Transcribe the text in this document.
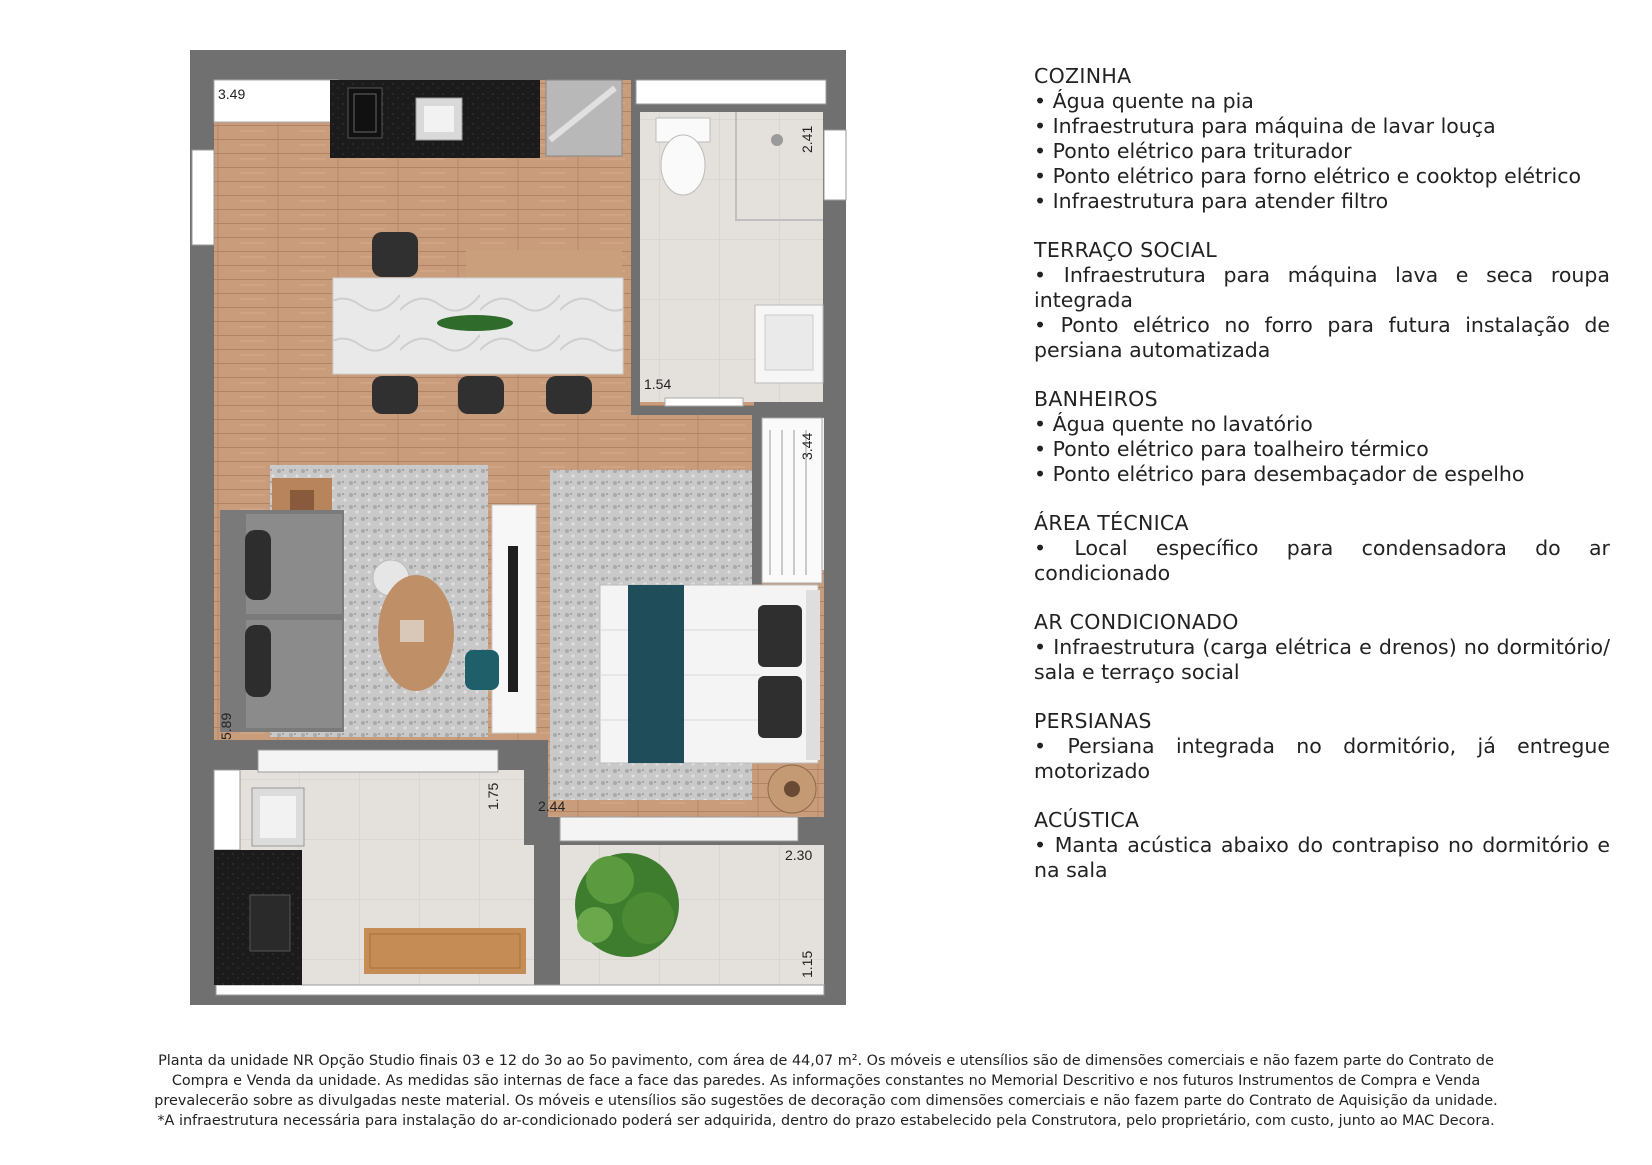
3.49
2.41
1.54
3.44
5.89
1.75	2.44
2.30
1.15
COZINHA
• Água quente na pia
• Infraestrutura para máquina de lavar louça
• Ponto elétrico para triturador
• Ponto elétrico para forno elétrico e cooktop elétrico
• Infraestrutura para atender filtro
TERRAÇO SOCIAL
• Infraestrutura para máquina lava e seca roupa integrada
• Ponto elétrico no forro para futura instalação de persiana automatizada
BANHEIROS
• Água quente no lavatório
• Ponto elétrico para toalheiro térmico
• Ponto elétrico para desembaçador de espelho
ÁREA TÉCNICA
• Local específico para condensadora do ar condicionado
AR CONDICIONADO
• Infraestrutura (carga elétrica e drenos) no dormitório/ sala e terraço social
PERSIANAS
• Persiana integrada no dormitório, já entregue motorizado
ACÚSTICA
• Manta acústica abaixo do contrapiso no dormitório e na sala

Planta da unidade NR Opção Studio finais 03 e 12 do 3o ao 5o pavimento, com área de 44,07 m². Os móveis e utensílios são de dimensões comerciais e não fazem parte do Contrato de

Compra e Venda da unidade. As medidas são internas de face a face das paredes. As informações constantes no Memorial Descritivo e nos futuros Instrumentos de Compra e Venda

prevalecerão sobre as divulgadas neste material. Os móveis e utensílios são sugestões de decoração com dimensões comerciais e não fazem parte do Contrato de Aquisição da unidade.

*A infraestrutura necessária para instalação do ar-condicionado poderá ser adquirida, dentro do prazo estabelecido pela Construtora, pelo proprietário, com custo, junto ao MAC Decora.
